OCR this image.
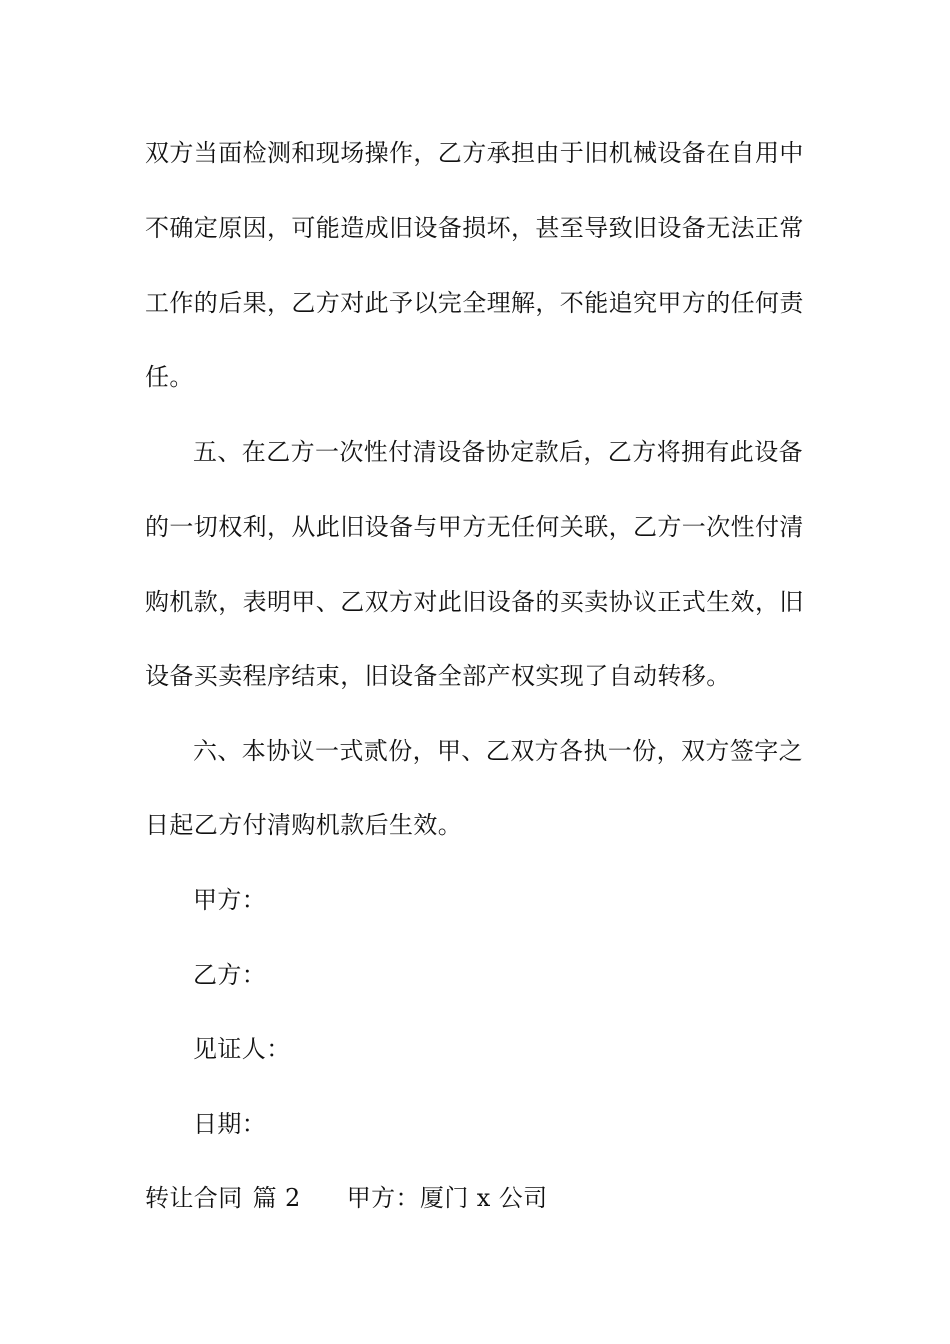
双方当面检测和现场操作，乙方承担由于旧机械设备在自用中
不确定原因，可能造成旧设备损坏，甚至导致旧设备无法正常
工作的后果，乙方对此予以完全理解，不能追究甲方的任何责
任。
五、在乙方一次性付清设备协定款后，乙方将拥有此设备
的一切权利，从此旧设备与甲方无任何关联，乙方一次性付清
购机款，表明甲、乙双方对此旧设备的买卖协议正式生效，旧
设备买卖程序结束，旧设备全部产权实现了自动转移。
六、本协议一式贰份，甲、乙双方各执一份，双方签字之
日起乙方付清购机款后生效。
甲方：
乙方：
见证人：
日期：
转让合同 篇 2 甲方：厦门 x 公司
